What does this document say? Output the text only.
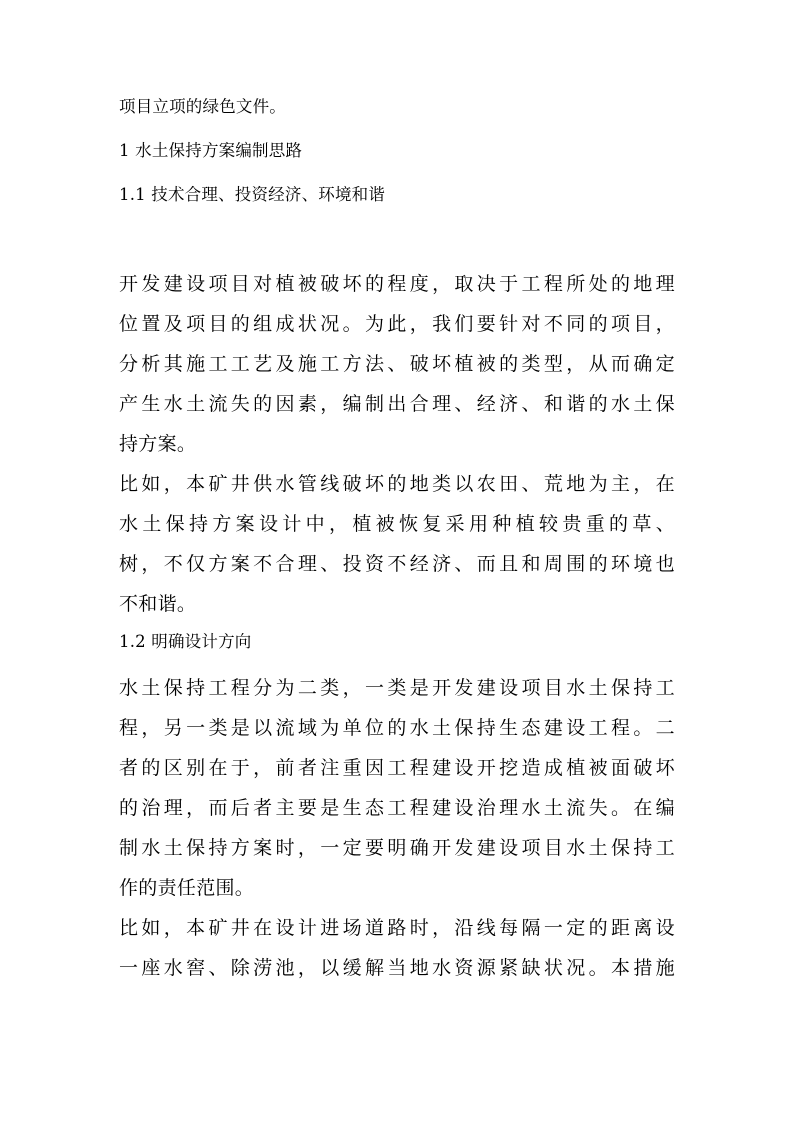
项目立项的绿色文件。
1 水土保持方案编制思路
1.1 技术合理、投资经济、环境和谐
开发建设项目对植被破坏的程度，取决于工程所处的地理
位置及项目的组成状况。为此，我们要针对不同的项目，
分析其施工工艺及施工方法、破坏植被的类型，从而确定
产生水土流失的因素，编制出合理、经济、和谐的水土保
持方案。
比如，本矿井供水管线破坏的地类以农田、荒地为主，在
水土保持方案设计中，植被恢复采用种植较贵重的草、
树，不仅方案不合理、投资不经济、而且和周围的环境也
不和谐。
1.2 明确设计方向
水土保持工程分为二类，一类是开发建设项目水土保持工
程，另一类是以流域为单位的水土保持生态建设工程。二
者的区别在于，前者注重因工程建设开挖造成植被面破坏
的治理，而后者主要是生态工程建设治理水土流失。在编
制水土保持方案时，一定要明确开发建设项目水土保持工
作的责任范围。
比如，本矿井在设计进场道路时，沿线每隔一定的距离设
一座水窖、除涝池，以缓解当地水资源紧缺状况。本措施
